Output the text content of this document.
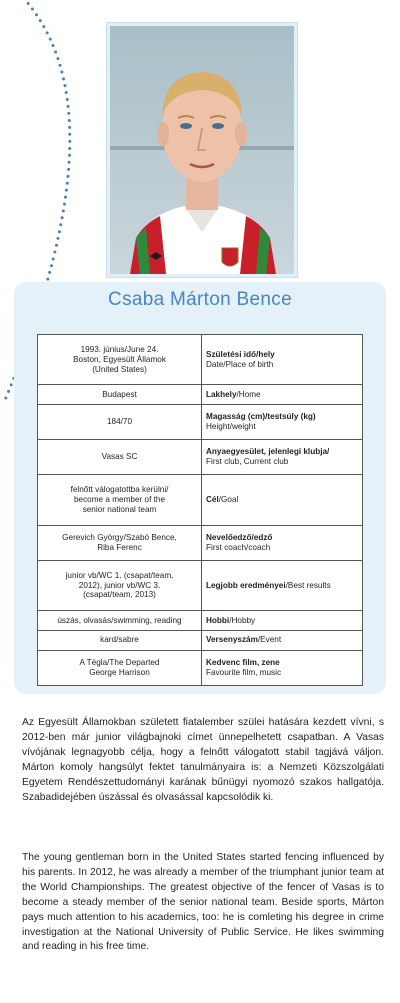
Csaba Márton Bence
1993. június/June 24.
Boston, Egyesült Államok
(United States)	Születési idő/hely
Date/Place of birth

Budapest	Lakhely/Home
184/70	Magasság (cm)/testsúly (kg)
Height/weight

Vasas SC	Anyaegyesület, jelenlegi klubja/
First club, Current club

felnőtt válogatottba kerülni/
become a member of the
senior national team	Cél/Goal
Gerevich György/Szabó Bence,
Riba Ferenc	Nevelőedző/edző
First coach/coach

junior vb/WC 1. (csapat/team,
2012), junior vb/WC 3.
(csapat/team, 2013)	Legjobb eredményei/Best results
úszás, olvasás/swimming, reading	Hobbi/Hobby
kard/sabre	Versenyszám/Event
A Tégla/The Departed
George Harrison	Kedvenc film, zene
Favourite film, music

Az Egyesült Államokban született fiatalember szülei hatására kezdett vívni, s 2012-ben már junior világbajnoki címet ünnepelhetett csapatban. A Vasas vívójának legnagyobb célja, hogy a felnőtt válogatott stabil tagjává váljon. Márton komoly hangsúlyt fektet tanulmányaira is: a Nemzeti Közszolgálati Egyetem Rendészettudományi karának bűnügyi nyomozó szakos hallgatója. Szabadidejében úszással és olvasással kapcsolódik ki.

The young gentleman born in the United States started fencing influenced by his parents. In 2012, he was already a member of the triumphant junior team at the World Championships. The greatest objective of the fencer of Vasas is to become a steady member of the senior national team. Beside sports, Márton pays much attention to his academics, too: he is comleting his degree in crime investigation at the National University of Public Service. He likes swimming and reading in his free time.
